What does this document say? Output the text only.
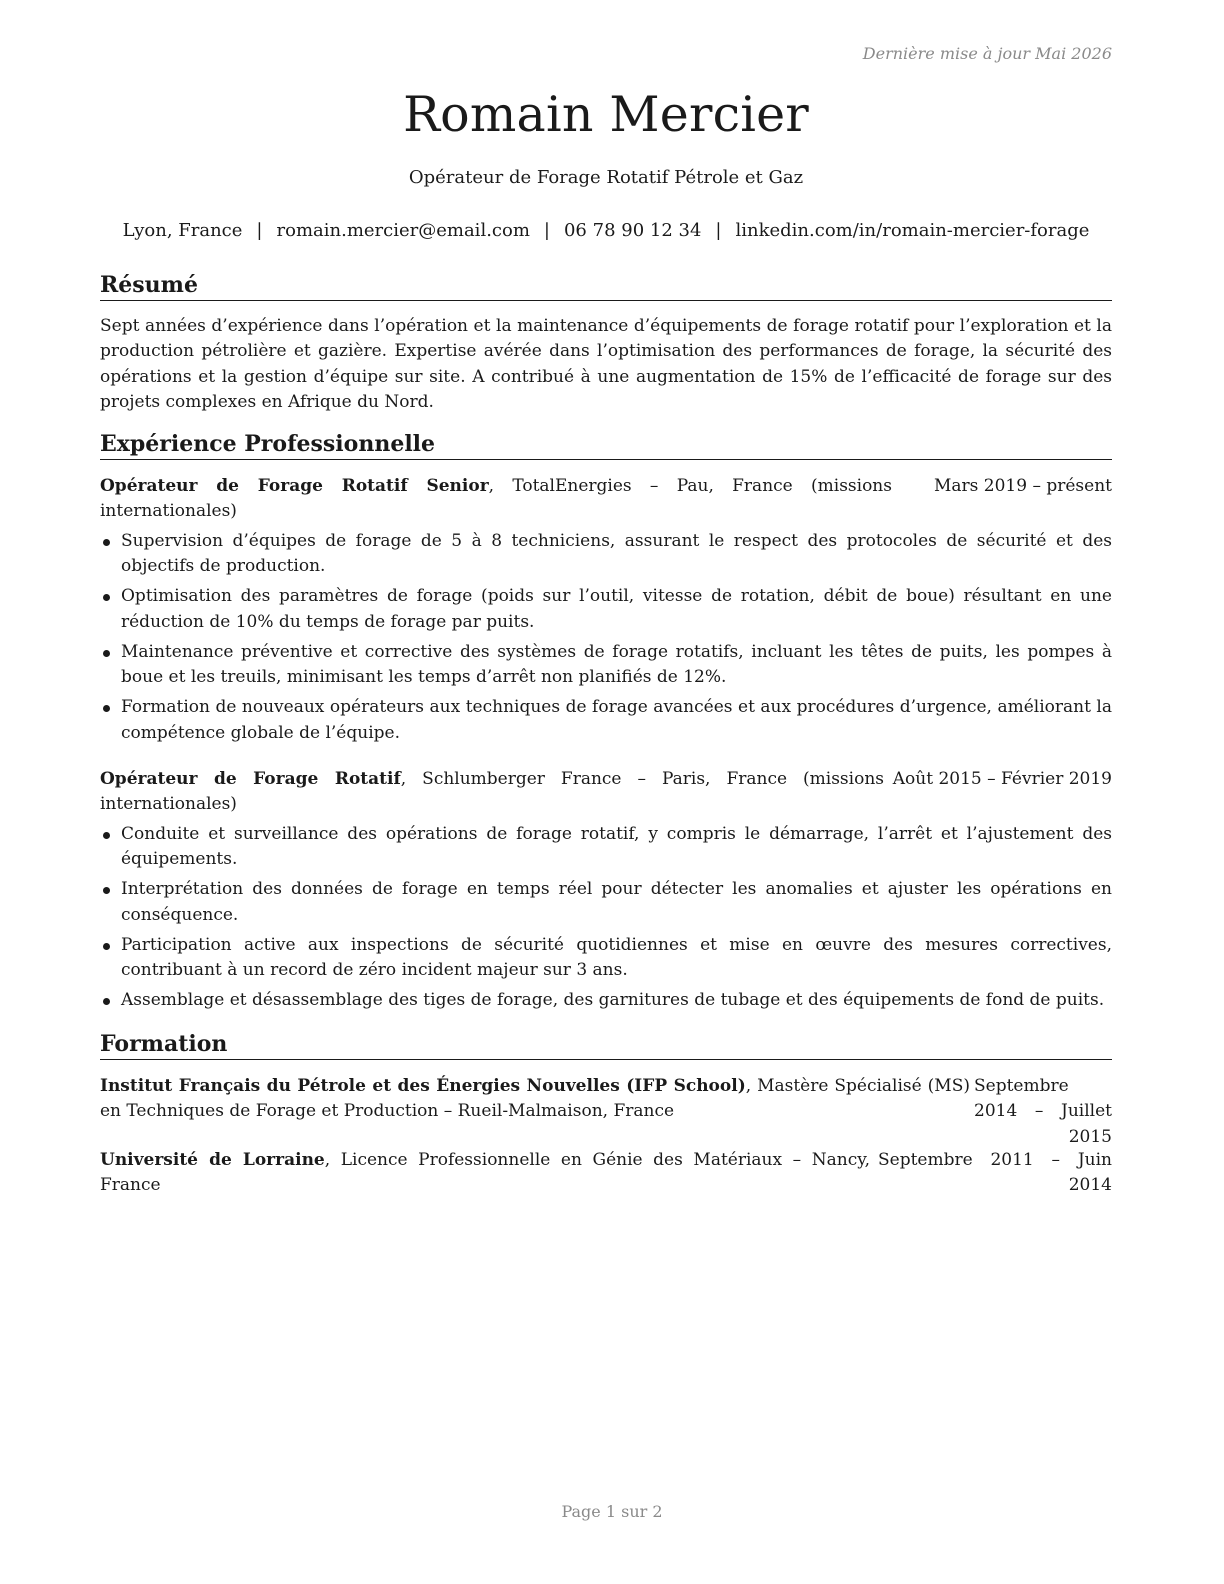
Dernière mise à jour Mai 2026
Romain Mercier
Opérateur de Forage Rotatif Pétrole et Gaz
Lyon, France | romain.mercier@email.com | 06 78 90 12 34 | linkedin.com/in/romain-mercier-forage
Résumé
Sept années d’expérience dans l’opération et la maintenance d’équipements de forage rotatif pour l’exploration et la production pétrolière et gazière. Expertise avérée dans l’optimisation des performances de forage, la sécurité des opérations et la gestion d’équipe sur site. A contribué à une augmentation de 15% de l’efficacité de forage sur des projets complexes en Afrique du Nord.
Expérience Professionnelle
Opérateur de Forage Rotatif Senior, TotalEnergies – Pau, France (missions internationales)
Mars 2019 – présent
Supervision d’équipes de forage de 5 à 8 techniciens, assurant le respect des protocoles de sécurité et des objectifs de production.
Optimisation des paramètres de forage (poids sur l’outil, vitesse de rotation, débit de boue) résultant en une réduction de 10% du temps de forage par puits.
Maintenance préventive et corrective des systèmes de forage rotatifs, incluant les têtes de puits, les pompes à boue et les treuils, minimisant les temps d’arrêt non planifiés de 12%.
Formation de nouveaux opérateurs aux techniques de forage avancées et aux procédures d’urgence, améliorant la compétence globale de l’équipe.
Opérateur de Forage Rotatif, Schlumberger France – Paris, France (missions internationales)
Août 2015 – Février 2019
Conduite et surveillance des opérations de forage rotatif, y compris le démarrage, l’arrêt et l’ajustement des équipements.
Interprétation des données de forage en temps réel pour détecter les anomalies et ajuster les opérations en conséquence.
Participation active aux inspections de sécurité quotidiennes et mise en œuvre des mesures correctives, contribuant à un record de zéro incident majeur sur 3 ans.
Assemblage et désassemblage des tiges de forage, des garnitures de tubage et des équipements de fond de puits.
Formation
Institut Français du Pétrole et des Énergies Nouvelles (IFP School), Mastère Spécialisé (MS) en Techniques de Forage et Production – Rueil-Malmaison, France
Septembre 2014 – Juillet 2015
Université de Lorraine, Licence Professionnelle en Génie des Matériaux – Nancy, France
Septembre 2011 – Juin 2014
Page 1 sur 2
